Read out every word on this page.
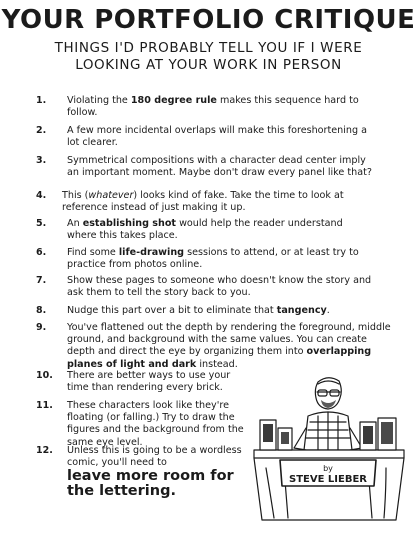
YOUR PORTFOLIO CRITIQUE
THINGS I'D PROBABLY TELL YOU IF I WERE
LOOKING AT YOUR WORK IN PERSON
1.	Violating the 180 degree rule makes this sequence hard to follow.
2.	A few more incidental overlaps will make this foreshortening a lot clearer.
3.	Symmetrical compositions with a character dead center imply an important moment. Maybe don't draw every panel like that?
4.	This (whatever) looks kind of fake. Take the time to look at reference instead of just making it up.
5.	An establishing shot would help the reader understand where this takes place.
6.	Find some life-drawing sessions to attend, or at least try to practice from photos online.
7.	Show these pages to someone who doesn't know the story and ask them to tell the story back to you.
8.	Nudge this part over a bit to eliminate that tangency.
9.	You've flattened out the depth by rendering the foreground, middle ground, and background with the same values. You can create depth and direct the eye by organizing them into overlapping planes of light and dark instead.
10.	There are better ways to use your time than rendering every brick.
11.	These characters look like they're floating (or falling.) Try to draw the figures and the background from the same eye level.
12.	Unless this is going to be a wordless comic, you'll need to
leave more room for the lettering.
by
STEVE LIEBER
